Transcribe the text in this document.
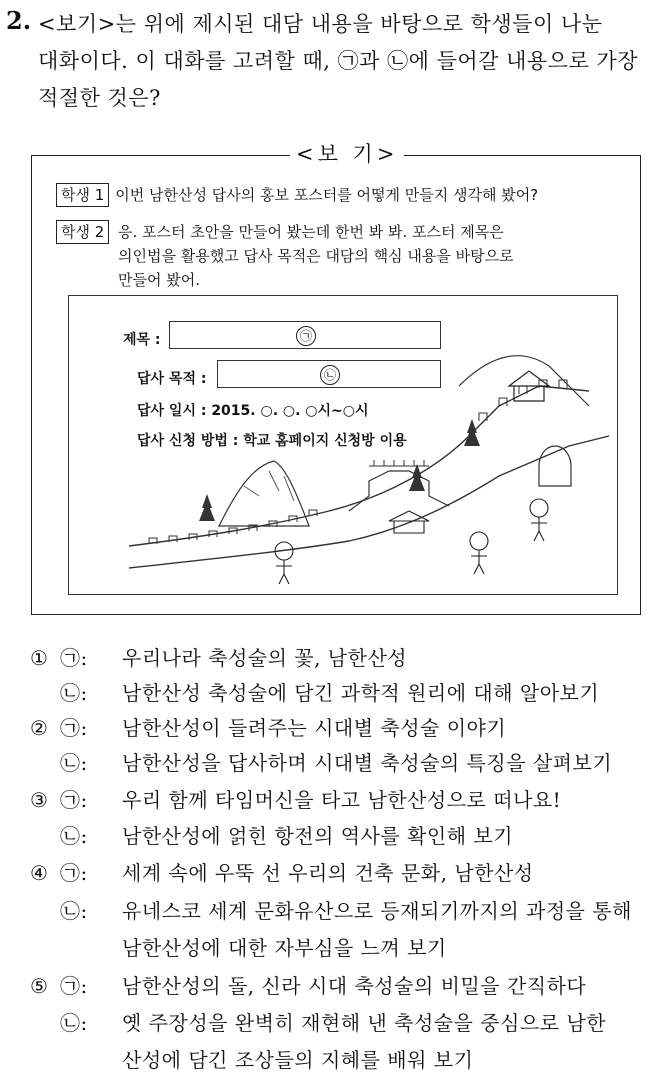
2. <보기>는 위에 제시된 대담 내용을 바탕으로 학생들이 나눈
대화이다. 이 대화를 고려할 때, ㉠과 ㉡에 들어갈 내용으로 가장
적절한 것은?
<보 기>
학생 1 이번 남한산성 답사의 홍보 포스터를 어떻게 만들지 생각해 봤어?
학생 2 응. 포스터 초안을 만들어 봤는데 한번 봐 봐. 포스터 제목은
의인법을 활용했고 답사 목적은 대담의 핵심 내용을 바탕으로
만들어 봤어.
제목 :	㉠
답사 목적 :	㉡
답사 일시 : 2015. ○. ○. ○시~○시
답사 신청 방법 : 학교 홈페이지 신청방 이용
① ㉠: 우리나라 축성술의 꽃, 남한산성
㉡: 남한산성 축성술에 담긴 과학적 원리에 대해 알아보기
② ㉠: 남한산성이 들려주는 시대별 축성술 이야기
㉡: 남한산성을 답사하며 시대별 축성술의 특징을 살펴보기
③ ㉠: 우리 함께 타임머신을 타고 남한산성으로 떠나요!
㉡: 남한산성에 얽힌 항전의 역사를 확인해 보기
④ ㉠: 세계 속에 우뚝 선 우리의 건축 문화, 남한산성
㉡: 유네스코 세계 문화유산으로 등재되기까지의 과정을 통해
남한산성에 대한 자부심을 느껴 보기
⑤ ㉠: 남한산성의 돌, 신라 시대 축성술의 비밀을 간직하다
㉡: 옛 주장성을 완벽히 재현해 낸 축성술을 중심으로 남한
산성에 담긴 조상들의 지혜를 배워 보기
